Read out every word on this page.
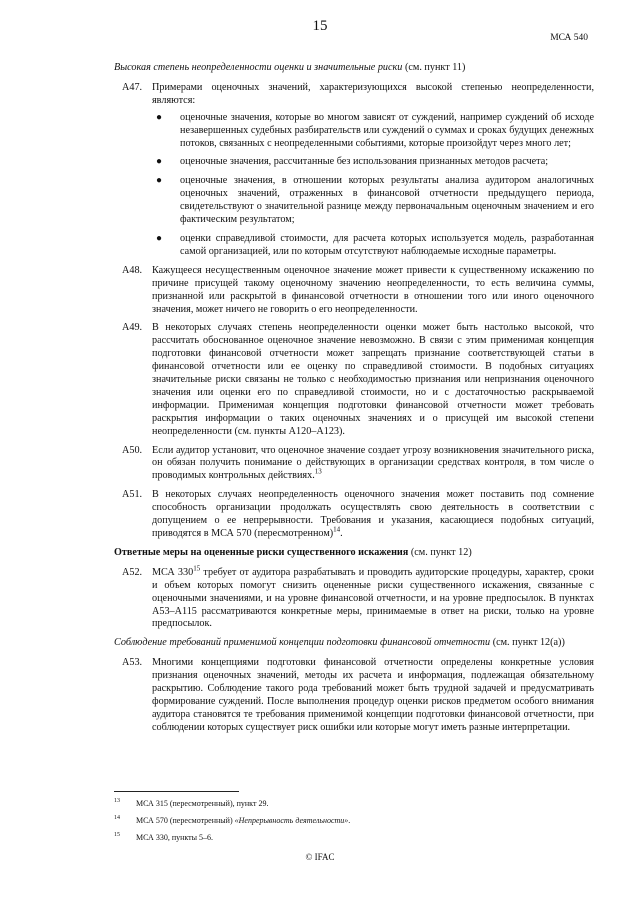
15
МСА 540

Высокая степень неопределенности оценки и значительные риски (см. пункт 11)

A47. Примерами оценочных значений, характеризующихся высокой степенью неопределенности, являются:
● оценочные значения, которые во многом зависят от суждений, например суждений об исходе незавершенных судебных разбирательств или суждений о суммах и сроках будущих денежных потоков, связанных с неопределенными событиями, которые произойдут через много лет;
● оценочные значения, рассчитанные без использования признанных методов расчета;
● оценочные значения, в отношении которых результаты анализа аудитором аналогичных оценочных значений, отраженных в финансовой отчетности предыдущего периода, свидетельствуют о значительной разнице между первоначальным оценочным значением и его фактическим результатом;
● оценки справедливой стоимости, для расчета которых используется модель, разработанная самой организацией, или по которым отсутствуют наблюдаемые исходные параметры.
A48. Кажущееся несущественным оценочное значение может привести к существенному искажению по причине присущей такому оценочному значению неопределенности, то есть величина суммы, признанной или раскрытой в финансовой отчетности в отношении того или иного оценочного значения, может ничего не говорить о его неопределенности.
A49. В некоторых случаях степень неопределенности оценки может быть настолько высокой, что рассчитать обоснованное оценочное значение невозможно. В связи с этим применимая концепция подготовки финансовой отчетности может запрещать признание соответствующей статьи в финансовой отчетности или ее оценку по справедливой стоимости. В подобных ситуациях значительные риски связаны не только с необходимостью признания или непризнания оценочного значения или оценки его по справедливой стоимости, но и с достаточностью раскрываемой информации. Применимая концепция подготовки финансовой отчетности может требовать раскрытия информации о таких оценочных значениях и о присущей им высокой степени неопределенности (см. пункты A120–A123).
A50. Если аудитор установит, что оценочное значение создает угрозу возникновения значительного риска, он обязан получить понимание о действующих в организации средствах контроля, в том числе о проводимых контрольных действиях.$^{13}$
A51. В некоторых случаях неопределенность оценочного значения может поставить под сомнение способность организации продолжать осуществлять свою деятельность в соответствии с допущением о ее непрерывности. Требования и указания, касающиеся подобных ситуаций, приводятся в МСА 570 (пересмотренном)$^{14}$.

Ответные меры на оцененные риски существенного искажения (см. пункт 12)

A52. МСА $330^{15}$ требует от аудитора разрабатывать и проводить аудиторские процедуры, характер, сроки и объем которых помогут снизить оцененные риски существенного искажения, связанные с оценочными значениями, и на уровне финансовой отчетности, и на уровне предпосылок. В пунктах A53–A115 рассматриваются конкретные меры, принимаемые в ответ на риски, только на уровне предпосылок.

Соблюдение требований применимой концепции подготовки финансовой отчетности (см. пункт 12(a))

A53. Многими концепциями подготовки финансовой отчетности определены конкретные условия признания оценочных значений, методы их расчета и информация, подлежащая обязательному раскрытию. Соблюдение такого рода требований может быть трудной задачей и предусматривать формирование суждений. После выполнения процедур оценки рисков предметом особого внимания аудитора становятся те требования применимой концепции подготовки финансовой отчетности, при соблюдении которых существует риск ошибки или которые могут иметь разные интерпретации.
13 МСА 315 (пересмотренный), пункт 29.
14 МСА 570 (пересмотренный) «Непрерывность деятельности».
15 МСА 330, пункты 5–6.
© IFAC
